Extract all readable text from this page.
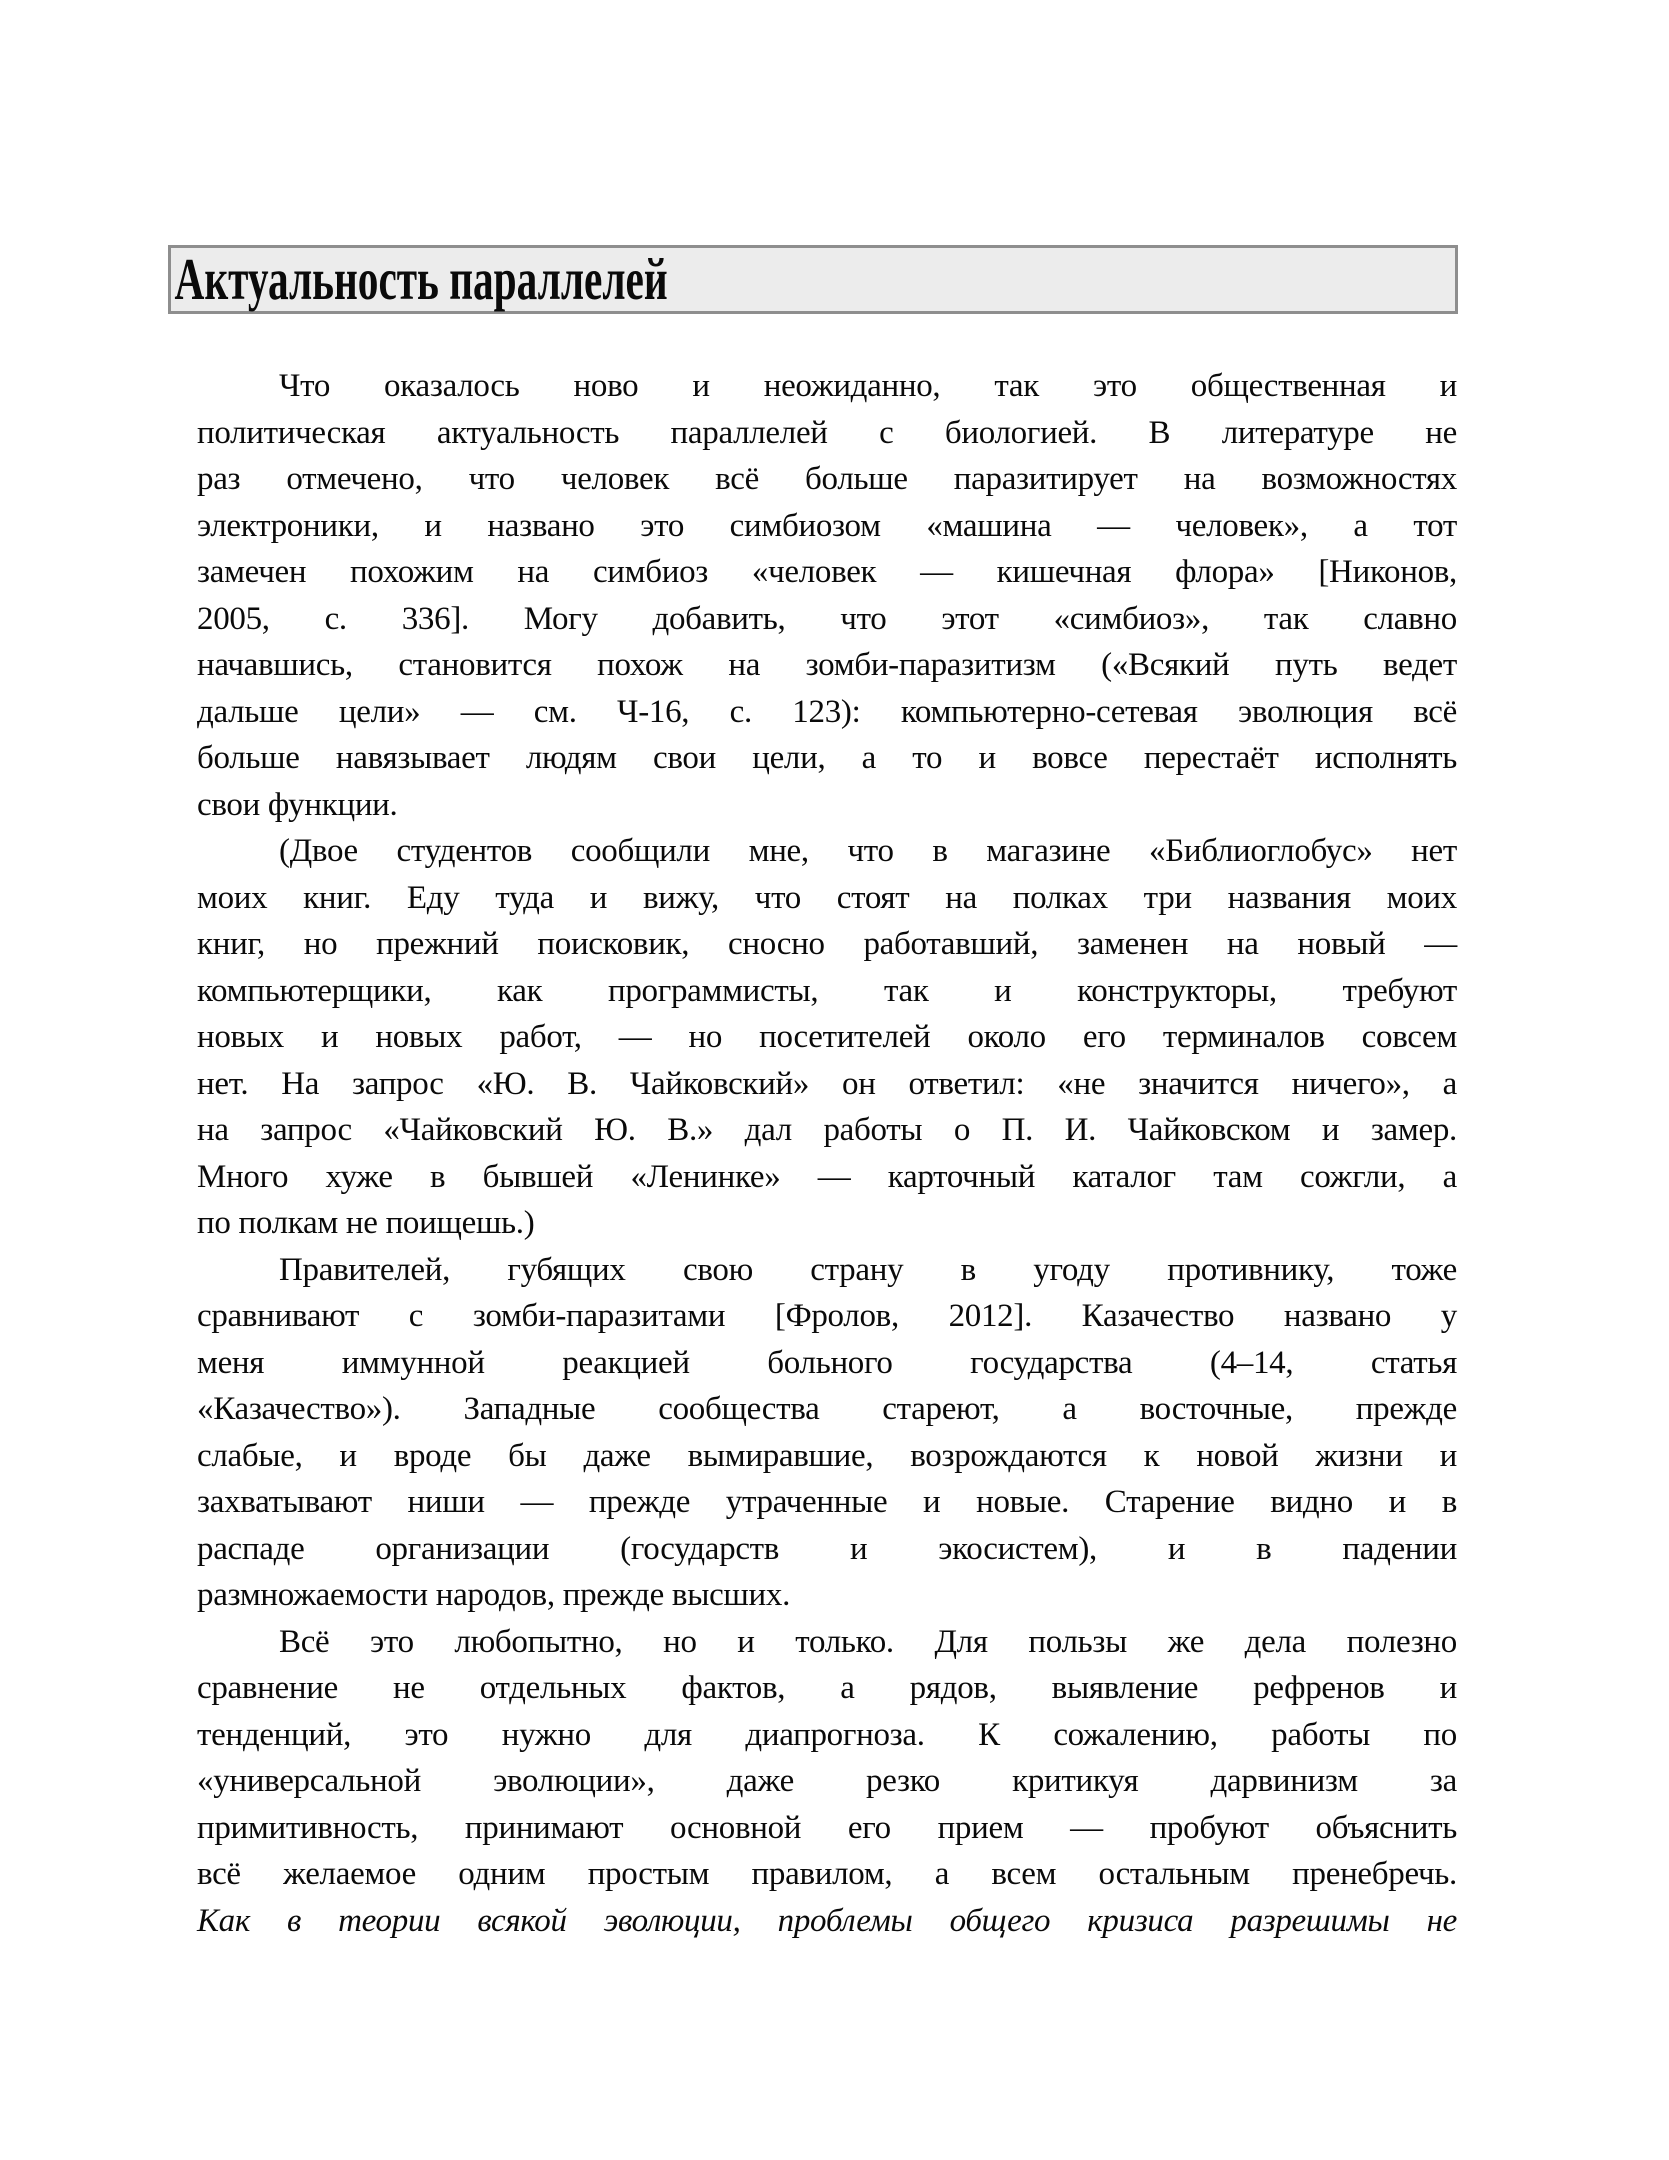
Актуальность параллелей
Что оказалось ново и неожиданно, так это общественная и
политическая актуальность параллелей с биологией. В литературе не
раз отмечено, что человек всё больше паразитирует на возможностях
электроники, и названо это симбиозом «машина — человек», а тот
замечен похожим на симбиоз «человек — кишечная флора» [Никонов,
2005, с. 336]. Могу добавить, что этот «симбиоз», так славно
начавшись, становится похож на зомби-паразитизм («Всякий путь ведет
дальше цели» — см. Ч-16, с. 123): компьютерно-сетевая эволюция всё
больше навязывает людям свои цели, а то и вовсе перестаёт исполнять
свои функции.
(Двое студентов сообщили мне, что в магазине «Библиоглобус» нет
моих книг. Еду туда и вижу, что стоят на полках три названия моих
книг, но прежний поисковик, сносно работавший, заменен на новый —
компьютерщики, как программисты, так и конструкторы, требуют
новых и новых работ, — но посетителей около его терминалов совсем
нет. На запрос «Ю. В. Чайковский» он ответил: «не значится ничего», а
на запрос «Чайковский Ю. В.» дал работы о П. И. Чайковском и замер.
Много хуже в бывшей «Ленинке» — карточный каталог там сожгли, а
по полкам не поищешь.)
Правителей, губящих свою страну в угоду противнику, тоже
сравнивают с зомби-паразитами [Фролов, 2012]. Казачество названо у
меня иммунной реакцией больного государства (4–14, статья
«Казачество»). Западные сообщества стареют, а восточные, прежде
слабые, и вроде бы даже вымиравшие, возрождаются к новой жизни и
захватывают ниши — прежде утраченные и новые. Старение видно и в
распаде организации (государств и экосистем), и в падении
размножаемости народов, прежде высших.
Всё это любопытно, но и только. Для пользы же дела полезно
сравнение не отдельных фактов, а рядов, выявление рефренов и
тенденций, это нужно для диапрогноза. К сожалению, работы по
«универсальной эволюции», даже резко критикуя дарвинизм за
примитивность, принимают основной его прием — пробуют объяснить
всё желаемое одним простым правилом, а всем остальным пренебречь.
Как в теории всякой эволюции, проблемы общего кризиса разрешимы не
